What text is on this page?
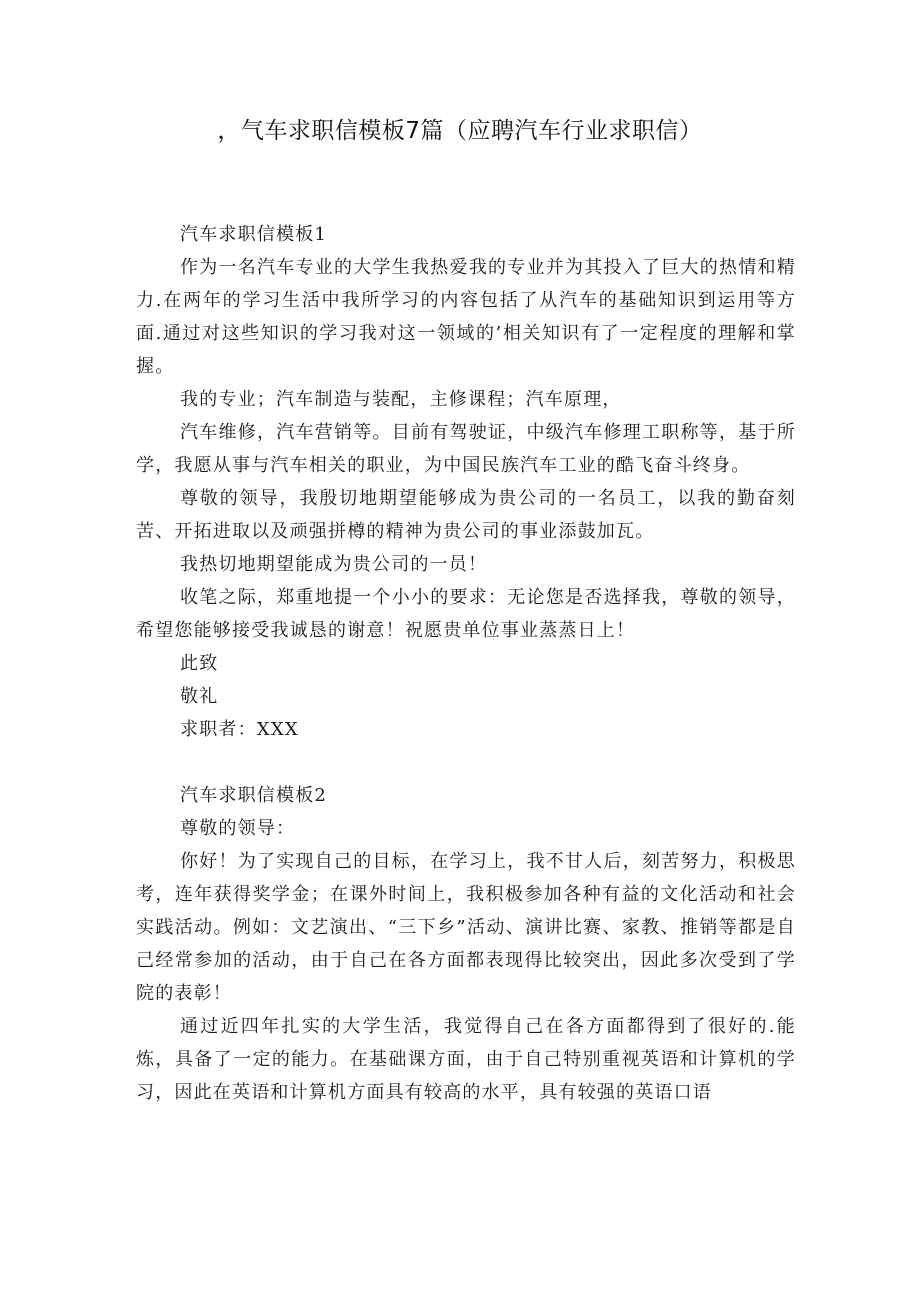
，气车求职信模板7篇（应聘汽车行业求职信）

汽车求职信模板1

作为一名汽车专业的大学生我热爱我的专业并为其投入了巨大的热情和精力.在两年的学习生活中我所学习的内容包括了从汽车的基础知识到运用等方面.通过对这些知识的学习我对这一领域的’相关知识有了一定程度的理解和掌握。

我的专业；汽车制造与装配，主修课程；汽车原理，

汽车维修，汽车营销等。目前有驾驶证，中级汽车修理工职称等，基于所学，我愿从事与汽车相关的职业，为中国民族汽车工业的酷飞奋斗终身。

尊敬的领导，我殷切地期望能够成为贵公司的一名员工，以我的勤奋刻苦、开拓进取以及顽强拼樽的精神为贵公司的事业添鼓加瓦。

我热切地期望能成为贵公司的一员！

收笔之际，郑重地提一个小小的要求：无论您是否选择我，尊敬的领导，希望您能够接受我诚恳的谢意！祝愿贵单位事业蒸蒸日上！

此致

敬礼

求职者：XXX

汽车求职信模板2

尊敬的领导：

你好！为了实现自己的目标，在学习上，我不甘人后，刻苦努力，积极思考，连年获得奖学金；在课外时间上，我积极参加各种有益的文化活动和社会实践活动。例如：文艺演出、“三下乡”活动、演讲比赛、家教、推销等都是自己经常参加的活动，由于自己在各方面都表现得比较突出，因此多次受到了学院的表彰！

通过近四年扎实的大学生活，我觉得自己在各方面都得到了很好的.能炼，具备了一定的能力。在基础课方面，由于自己特别重视英语和计算机的学习，因此在英语和计算机方面具有较高的水平，具有较强的英语口语
